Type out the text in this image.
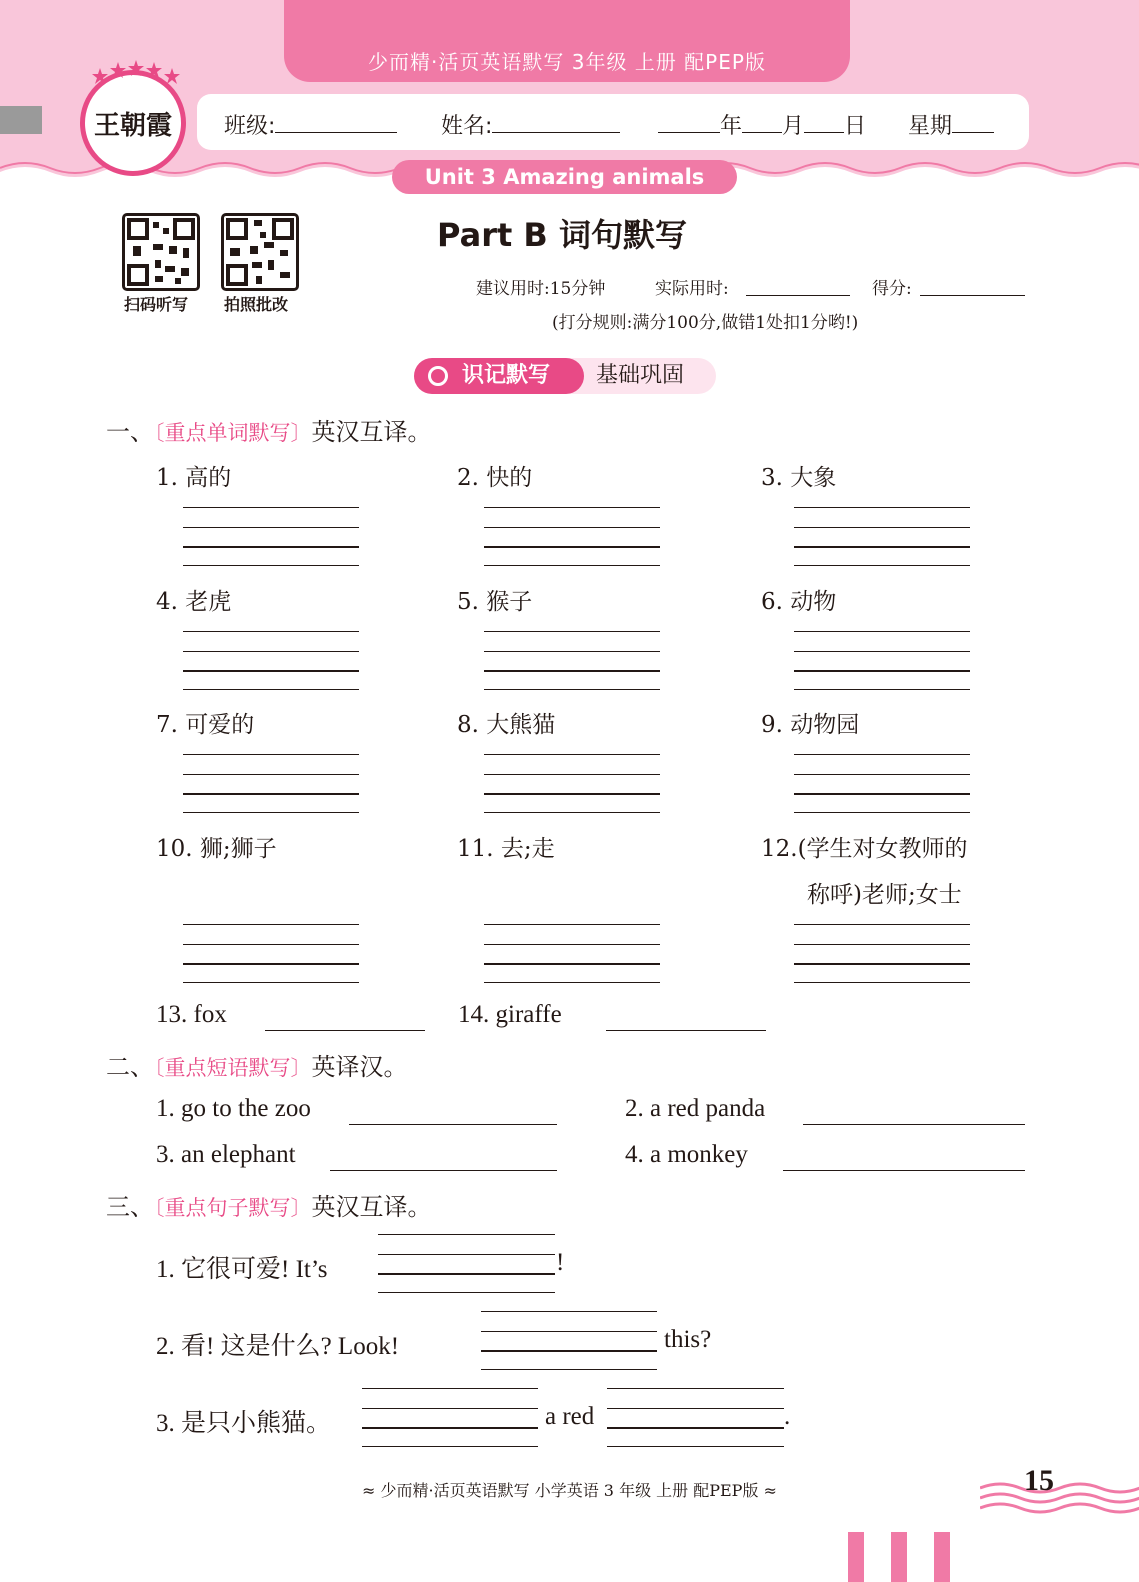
少而精·活页英语默写 3年级 上册 配PEP版
王朝霞	班级:	姓名:	年 月 日 星期
Unit 3 Amazing animals
扫码听写 拍照批改
Part B 词句默写
建议用时:15分钟	实际用时:	得分:
(打分规则:满分100分,做错1处扣1分哟!)
识记默写	基础巩固
一、〔重点单词默写〕英汉互译。
1. 高的	2. 快的	3. 大象
4. 老虎	5. 猴子	6. 动物
7. 可爱的	8. 大熊猫	9. 动物园
10. 狮;狮子	11. 去;走	12.(学生对女教师的
称呼)老师;女士
13. fox	14. giraffe
二、〔重点短语默写〕英译汉。
1. go to the zoo	2. a red panda
3. an elephant	4. a monkey
三、〔重点句子默写〕英汉互译。
1. 它很可爱! It’s	!
2. 看! 这是什么? Look!	this?
3. 是只小熊猫。	a red	.
≈ 少而精·活页英语默写 小学英语 3 年级 上册 配PEP版 ≈	15
